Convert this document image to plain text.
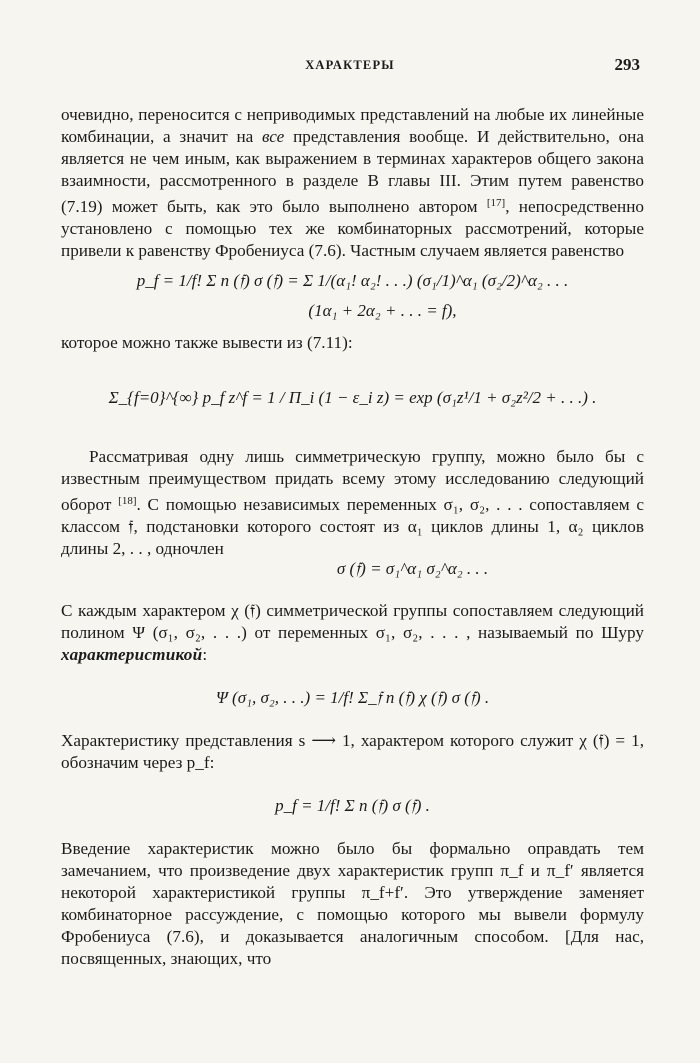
ХАРАКТЕРЫ	293

очевидно, переносится с неприводимых представлений на любые их линейные комбинации, а значит на все представления вообще. И действительно, она является не чем иным, как выражением в терминах характеров общего закона взаимности, рассмотренного в разделе В главы III. Этим путем равенство (7.19) может быть, как это было выполнено автором [17], непосредственно установлено с помощью тех же комбинаторных рассмотрений, которые привели к равенству Фробениуса (7.6). Частным случаем является равенство

p_f = 1/f! Σ n (𝔣) σ (𝔣) = Σ 1/(α₁! α₂! . . .) (σ₁/1)^α₁ (σ₂/2)^α₂ . . .
(1α₁ + 2α₂ + . . . = f),

которое можно также вывести из (7.11):

Σ_{f=0}^{∞} p_f z^f = 1 / Π_i (1 − ε_i z) = exp (σ₁z¹/1 + σ₂z²/2 + . . .) .

Рассматривая одну лишь симметрическую группу, можно было бы с известным преимуществом придать всему этому исследованию следующий оборот [18]. С помощью независимых переменных σ₁, σ₂, . . . сопоставляем с классом 𝔣, подстановки которого состоят из α₁ циклов длины 1, α₂ циклов длины 2, . . , одночлен

σ (𝔣) = σ₁^α₁ σ₂^α₂ . . .

С каждым характером χ (𝔣) симметрической группы сопоставляем следующий полином Ψ (σ₁, σ₂, . . .) от переменных σ₁, σ₂, . . . , называемый по Шуру характеристикой:

Ψ (σ₁, σ₂, . . .) = 1/f! Σ_𝔣 n (𝔣) χ (𝔣) σ (𝔣) .

Характеристику представления s ⟶ 1, характером которого служит χ (𝔣) = 1, обозначим через p_f:

p_f = 1/f! Σ n (𝔣) σ (𝔣) .

Введение характеристик можно было бы формально оправдать тем замечанием, что произведение двух характеристик групп π_f и π_f′ является некоторой характеристикой группы π_f+f′. Это утверждение заменяет комбинаторное рассуждение, с помощью которого мы вывели формулу Фробениуса (7.6), и доказывается аналогичным способом. [Для нас, посвященных, знающих, что
